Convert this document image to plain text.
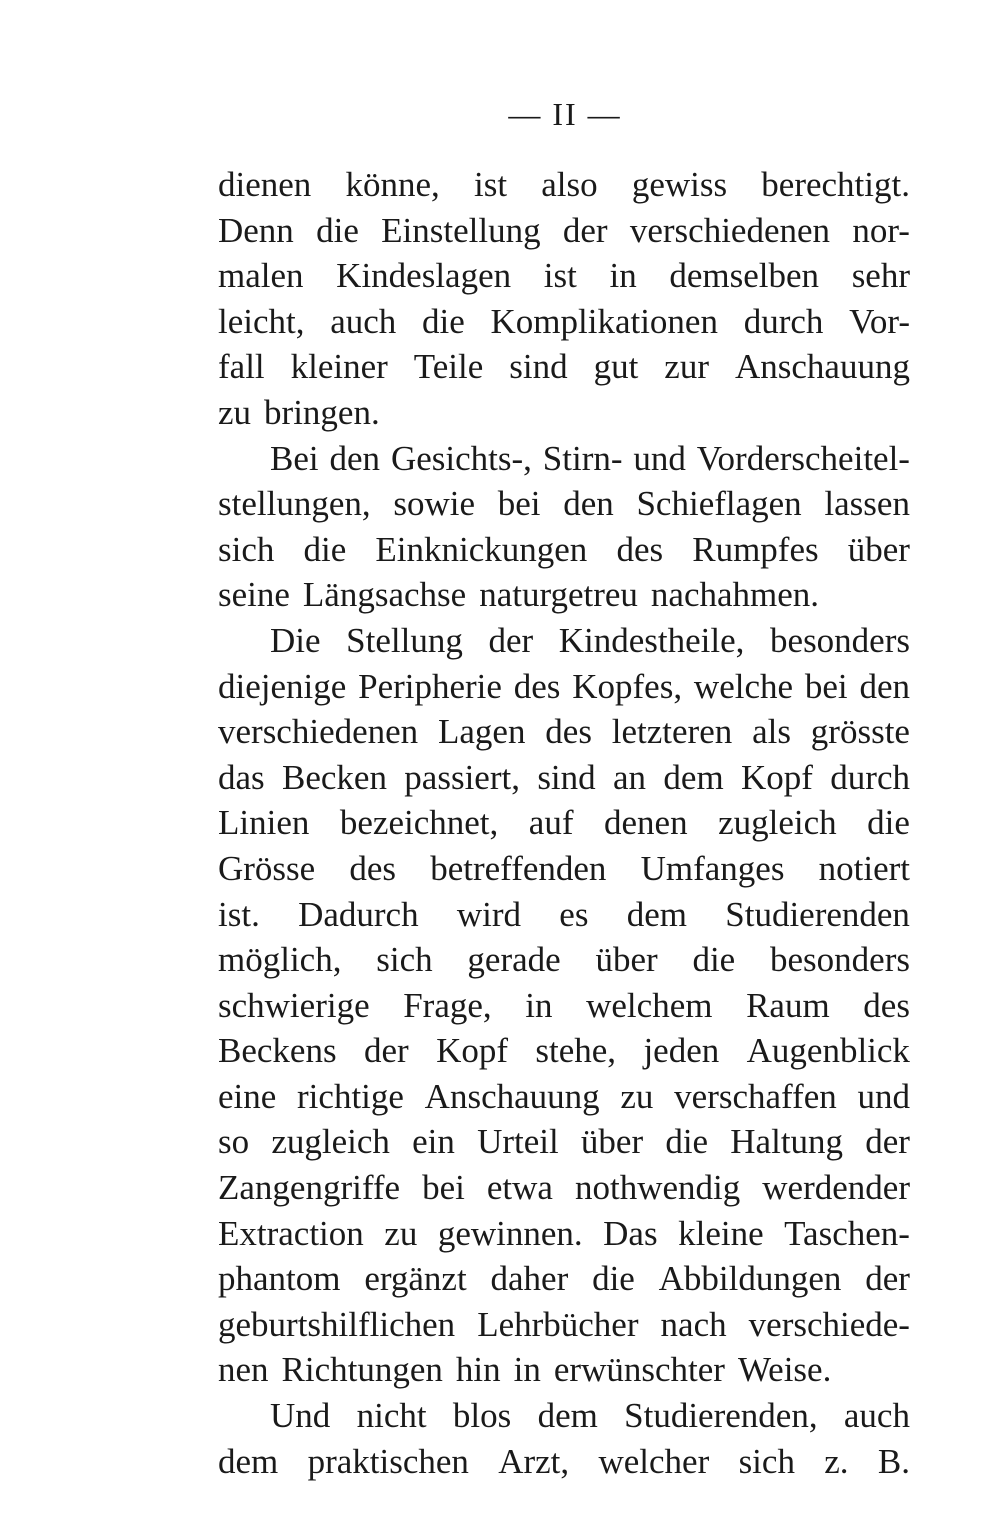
— II —
dienen könne, ist also gewiss berechtigt.
Denn die Einstellung der verschiedenen nor-
malen Kindeslagen ist in demselben sehr
leicht, auch die Komplikationen durch Vor-
fall kleiner Teile sind gut zur Anschauung
zu bringen.
Bei den Gesichts-, Stirn- und Vorderscheitel-
stellungen, sowie bei den Schieflagen lassen
sich die Einknickungen des Rumpfes über
seine Längsachse naturgetreu nachahmen.
Die Stellung der Kindestheile, besonders
diejenige Peripherie des Kopfes, welche bei den
verschiedenen Lagen des letzteren als grösste
das Becken passiert, sind an dem Kopf durch
Linien bezeichnet, auf denen zugleich die
Grösse des betreffenden Umfanges notiert
ist. Dadurch wird es dem Studierenden
möglich, sich gerade über die besonders
schwierige Frage, in welchem Raum des
Beckens der Kopf stehe, jeden Augenblick
eine richtige Anschauung zu verschaffen und
so zugleich ein Urteil über die Haltung der
Zangengriffe bei etwa nothwendig werdender
Extraction zu gewinnen. Das kleine Taschen-
phantom ergänzt daher die Abbildungen der
geburtshilflichen Lehrbücher nach verschiede-
nen Richtungen hin in erwünschter Weise.
Und nicht blos dem Studierenden, auch
dem praktischen Arzt, welcher sich z. B.
